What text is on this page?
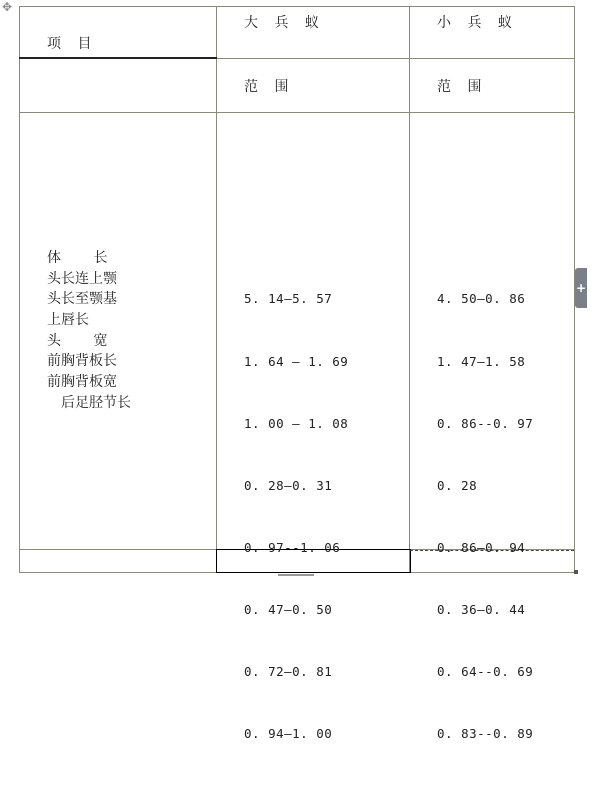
✥
项 目
大 兵 蚁	小 兵 蚁
范 围	范 围
体 长
头长连上颚
头长至颚基
上唇长
头 宽
前胸背板长
前胸背板宽
后足胫节长

5. 14—5. 57

1. 64 — 1. 69

1. 00 — 1. 08

0. 28—0. 31

0. 97--1. 06

0. 47—0. 50

0. 72—0. 81

0. 94—1. 00

4. 50—0. 86

1. 47—1. 58

0. 86--0. 97

0. 28

0. 86—0. 94

0. 36—0. 44

0. 64--0. 69

0. 83--0. 89

+
